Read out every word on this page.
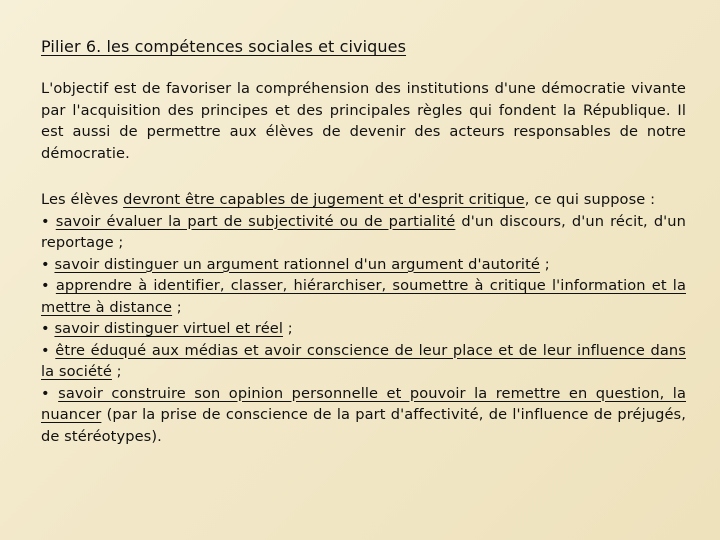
Pilier 6. les compétences sociales et civiques
L'objectif est de favoriser la compréhension des institutions d'une démocratie vivante par l'acquisition des principes et des principales règles qui fondent la République. Il est aussi de permettre aux élèves de devenir des acteurs responsables de notre démocratie.
Les élèves devront être capables de jugement et d'esprit critique, ce qui suppose :
• savoir évaluer la part de subjectivité ou de partialité d'un discours, d'un récit, d'un reportage ;
• savoir distinguer un argument rationnel d'un argument d'autorité ;
• apprendre à identifier, classer, hiérarchiser, soumettre à critique l'information et la mettre à distance ;
• savoir distinguer virtuel et réel ;
• être éduqué aux médias et avoir conscience de leur place et de leur influence dans la société ;
• savoir construire son opinion personnelle et pouvoir la remettre en question, la nuancer (par la prise de conscience de la part d'affectivité, de l'influence de préjugés, de stéréotypes).
